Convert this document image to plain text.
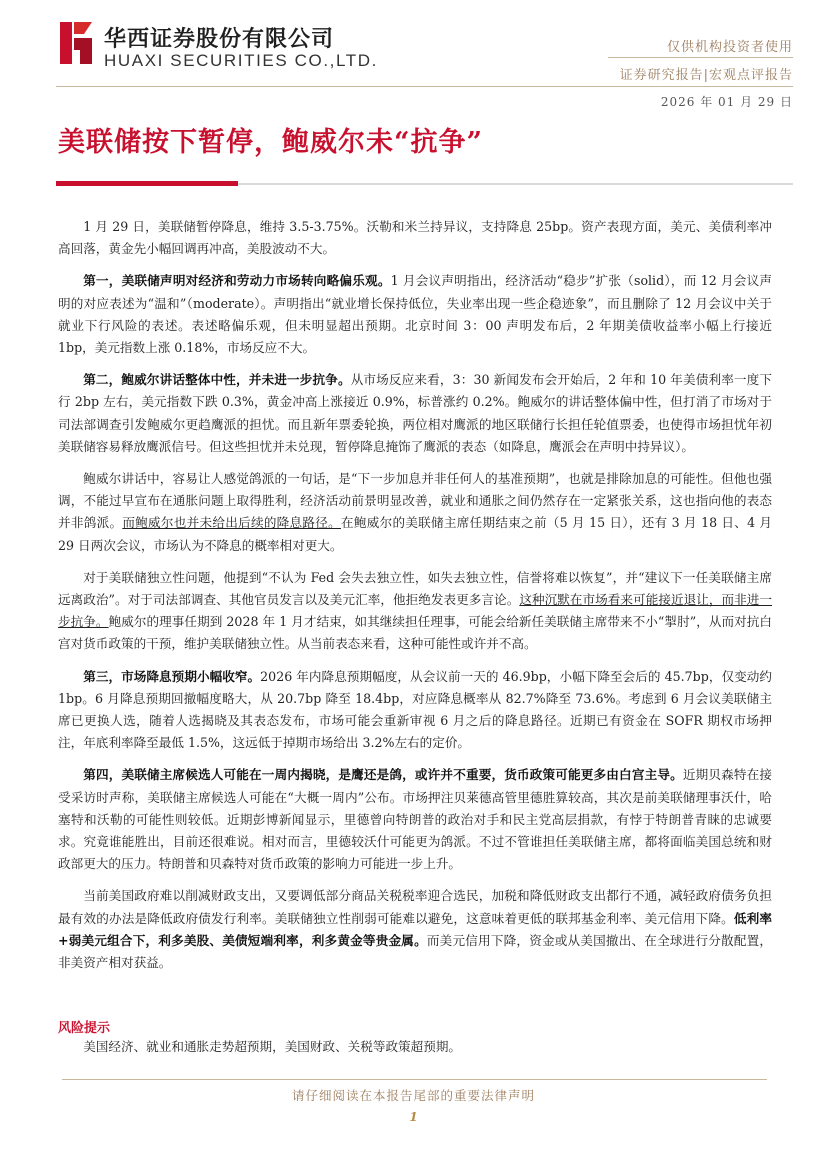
华西证券股份有限公司
HUAXI SECURITIES CO.,LTD.
仅供机构投资者使用
证券研究报告|宏观点评报告
2026 年 01 月 29 日
美联储按下暂停，鲍威尔未“抗争”

1 月 29 日，美联储暂停降息，维持 3.5-3.75%。沃勒和米兰持异议，支持降息 25bp。资产表现方面，美元、美债利率冲高回落，黄金先小幅回调再冲高，美股波动不大。

第一，美联储声明对经济和劳动力市场转向略偏乐观。1 月会议声明指出，经济活动“稳步”扩张（solid），而 12 月会议声明的对应表述为“温和”（moderate）。声明指出“就业增长保持低位，失业率出现一些企稳迹象”，而且删除了 12 月会议中关于就业下行风险的表述。表述略偏乐观，但未明显超出预期。北京时间 3：00 声明发布后，2 年期美债收益率小幅上行接近 1bp，美元指数上涨 0.18%，市场反应不大。

第二，鲍威尔讲话整体中性，并未进一步抗争。从市场反应来看，3：30 新闻发布会开始后，2 年和 10 年美债利率一度下行 2bp 左右，美元指数下跌 0.3%，黄金冲高上涨接近 0.9%，标普涨约 0.2%。鲍威尔的讲话整体偏中性，但打消了市场对于司法部调查引发鲍威尔更趋鹰派的担忧。而且新年票委轮换，两位相对鹰派的地区联储行长担任轮值票委，也使得市场担忧年初美联储容易释放鹰派信号。但这些担忧并未兑现，暂停降息掩饰了鹰派的表态（如降息，鹰派会在声明中持异议）。

鲍威尔讲话中，容易让人感觉鸽派的一句话，是“下一步加息并非任何人的基准预期”，也就是排除加息的可能性。但他也强调，不能过早宣布在通胀问题上取得胜利，经济活动前景明显改善，就业和通胀之间仍然存在一定紧张关系，这也指向他的表态并非鸽派。而鲍威尔也并未给出后续的降息路径。在鲍威尔的美联储主席任期结束之前（5 月 15 日），还有 3 月 18 日、4 月 29 日两次会议，市场认为不降息的概率相对更大。

对于美联储独立性问题，他提到“不认为 Fed 会失去独立性，如失去独立性，信誉将难以恢复”，并“建议下一任美联储主席远离政治”。对于司法部调查、其他官员发言以及美元汇率，他拒绝发表更多言论。这种沉默在市场看来可能接近退让，而非进一步抗争。鲍威尔的理事任期到 2028 年 1 月才结束，如其继续担任理事，可能会给新任美联储主席带来不小“掣肘”，从而对抗白宫对货币政策的干预，维护美联储独立性。从当前表态来看，这种可能性或许并不高。

第三，市场降息预期小幅收窄。2026 年内降息预期幅度，从会议前一天的 46.9bp，小幅下降至会后的 45.7bp，仅变动约 1bp。6 月降息预期回撤幅度略大，从 20.7bp 降至 18.4bp，对应降息概率从 82.7%降至 73.6%。考虑到 6 月会议美联储主席已更换人选，随着人选揭晓及其表态发布，市场可能会重新审视 6 月之后的降息路径。近期已有资金在 SOFR 期权市场押注，年底利率降至最低 1.5%，这远低于掉期市场给出 3.2%左右的定价。

第四，美联储主席候选人可能在一周内揭晓，是鹰还是鸽，或许并不重要，货币政策可能更多由白宫主导。近期贝森特在接受采访时声称，美联储主席候选人可能在“大概一周内”公布。市场押注贝莱德高管里德胜算较高，其次是前美联储理事沃什，哈塞特和沃勒的可能性则较低。近期彭博新闻显示，里德曾向特朗普的政治对手和民主党高层捐款，有悖于特朗普青睐的忠诚要求。究竟谁能胜出，目前还很难说。相对而言，里德较沃什可能更为鸽派。不过不管谁担任美联储主席，都将面临美国总统和财政部更大的压力。特朗普和贝森特对货币政策的影响力可能进一步上升。

当前美国政府难以削减财政支出，又要调低部分商品关税税率迎合选民，加税和降低财政支出都行不通，减轻政府债务负担最有效的办法是降低政府债发行利率。美联储独立性削弱可能难以避免，这意味着更低的联邦基金利率、美元信用下降。低利率+弱美元组合下，利多美股、美债短端利率，利多黄金等贵金属。而美元信用下降，资金或从美国撤出、在全球进行分散配置，非美资产相对获益。

风险提示
美国经济、就业和通胀走势超预期，美国财政、关税等政策超预期。
请仔细阅读在本报告尾部的重要法律声明
1
